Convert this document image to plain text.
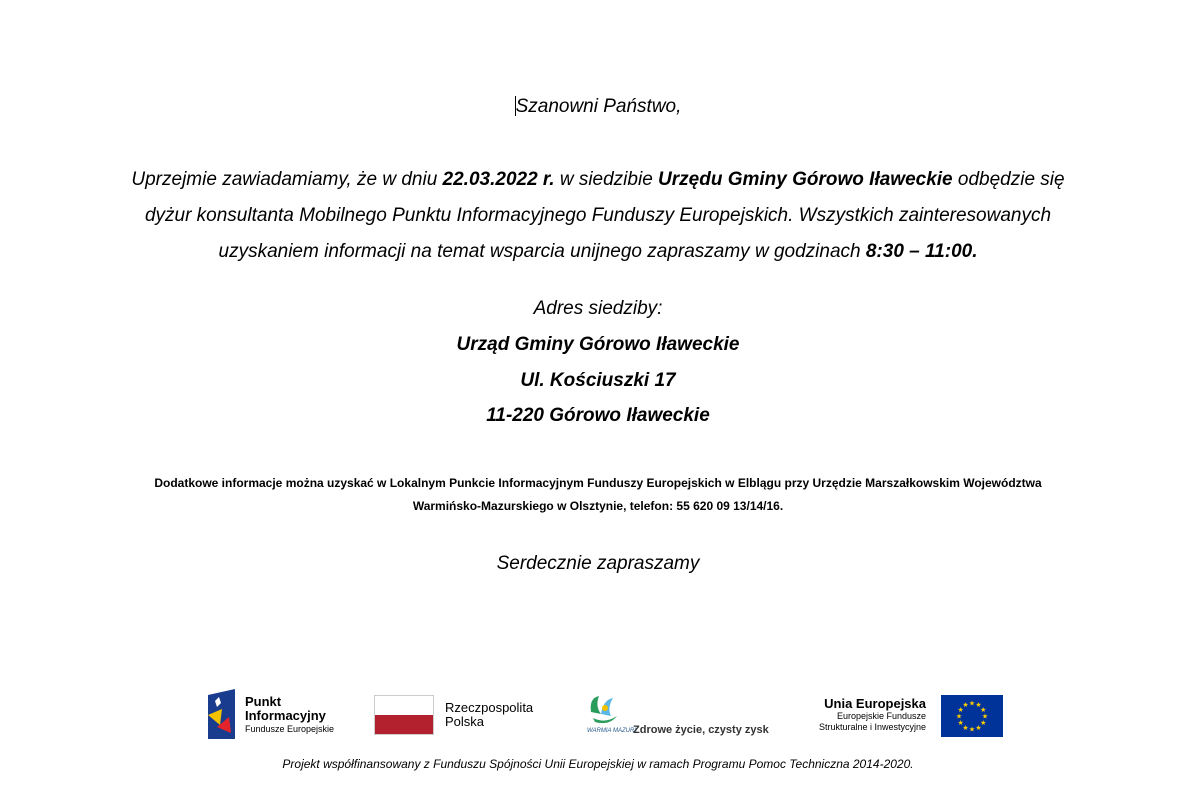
Szanowni Państwo,
Uprzejmie zawiadamiamy, że w dniu 22.03.2022 r. w siedzibie Urzędu Gminy Górowo Iławeckie odbędzie się
dyżur konsultanta Mobilnego Punktu Informacyjnego Funduszy Europejskich. Wszystkich zainteresowanych
uzyskaniem informacji na temat wsparcia unijnego zapraszamy w godzinach 8:30 – 11:00.
Adres siedziby:
Urząd Gminy Górowo Iławeckie
Ul. Kościuszki 17
11-220 Górowo Iławeckie
Dodatkowe informacje można uzyskać w Lokalnym Punkcie Informacyjnym Funduszy Europejskich w Elblągu przy Urzędzie Marszałkowskim Województwa
Warmińsko-Mazurskiego w Olsztynie, telefon: 55 620 09 13/14/16.
Serdecznie zapraszamy
Punkt
Informacyjny
Fundusze Europejskie
Rzeczpospolita
Polska
WARMIA MAZURY
Zdrowe życie, czysty zysk
Unia Europejska
Europejskie Fundusze
Strukturalne i Inwestycyjne
★ ★
★
★
★
★
★
★
★
★
★
★
Projekt współfinansowany z Funduszu Spójności Unii Europejskiej w ramach Programu Pomoc Techniczna 2014-2020.
